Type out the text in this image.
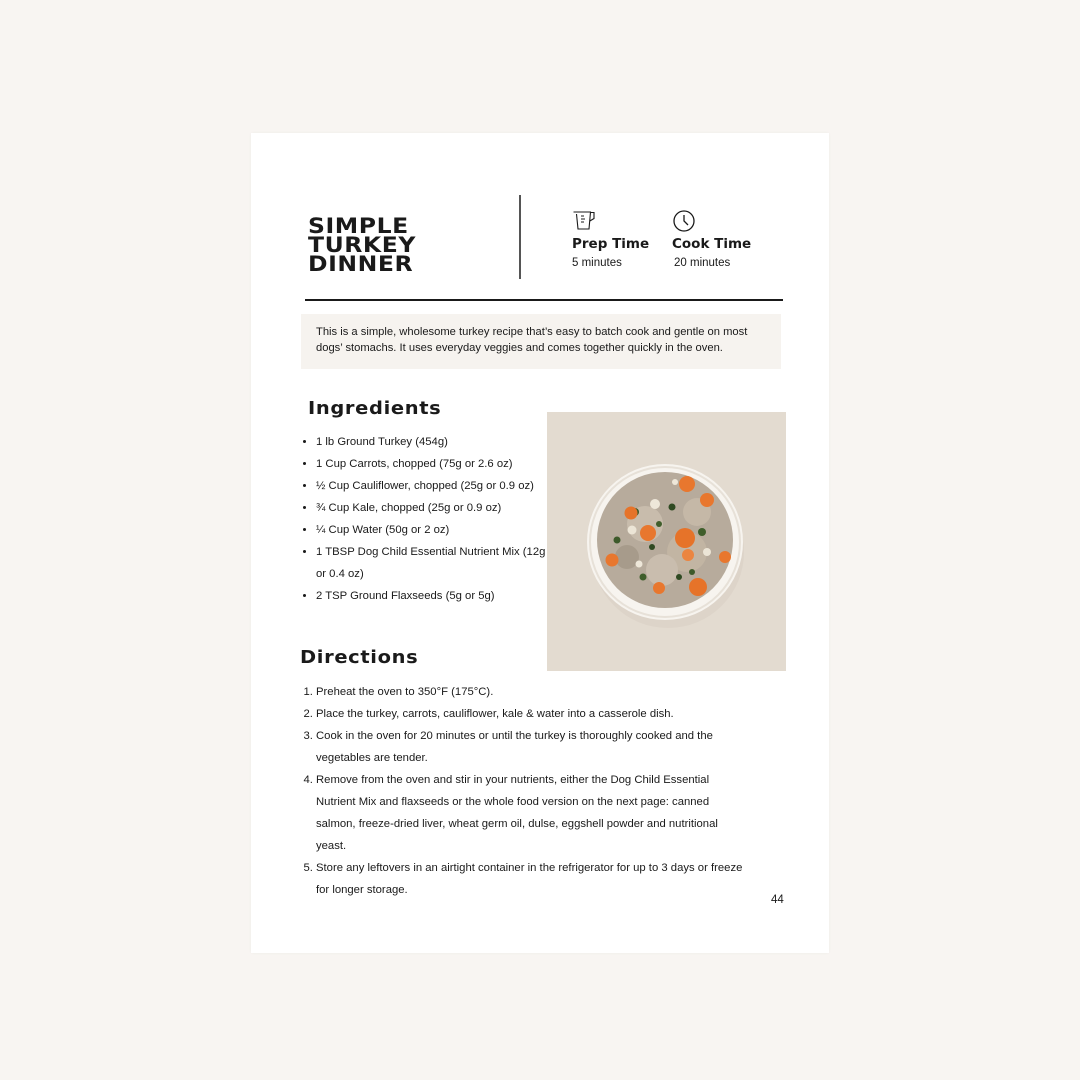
SIMPLE
TURKEY
DINNER
Prep Time
5 minutes
Cook Time
20 minutes
This is a simple, wholesome turkey recipe that’s easy to batch cook and gentle on most dogs’ stomachs. It uses everyday veggies and comes together quickly in the oven.
Ingredients
• 1 lb Ground Turkey (454g)
• 1 Cup Carrots, chopped (75g or 2.6 oz)
• ½ Cup Cauliflower, chopped (25g or 0.9 oz)
• ¾ Cup Kale, chopped (25g or 0.9 oz)
• ¼ Cup Water (50g or 2 oz)
• 1 TBSP Dog Child Essential Nutrient Mix (12g or 0.4 oz)
• 2 TSP Ground Flaxseeds (5g or 5g)
Directions
1. Preheat the oven to 350°F (175°C).
2. Place the turkey, carrots, cauliflower, kale & water into a casserole dish.
3. Cook in the oven for 20 minutes or until the turkey is thoroughly cooked and the vegetables are tender.
4. Remove from the oven and stir in your nutrients, either the Dog Child Essential Nutrient Mix and flaxseeds or the whole food version on the next page: canned salmon, freeze-dried liver, wheat germ oil, dulse, eggshell powder and nutritional yeast.
5. Store any leftovers in an airtight container in the refrigerator for up to 3 days or freeze for longer storage.
44
